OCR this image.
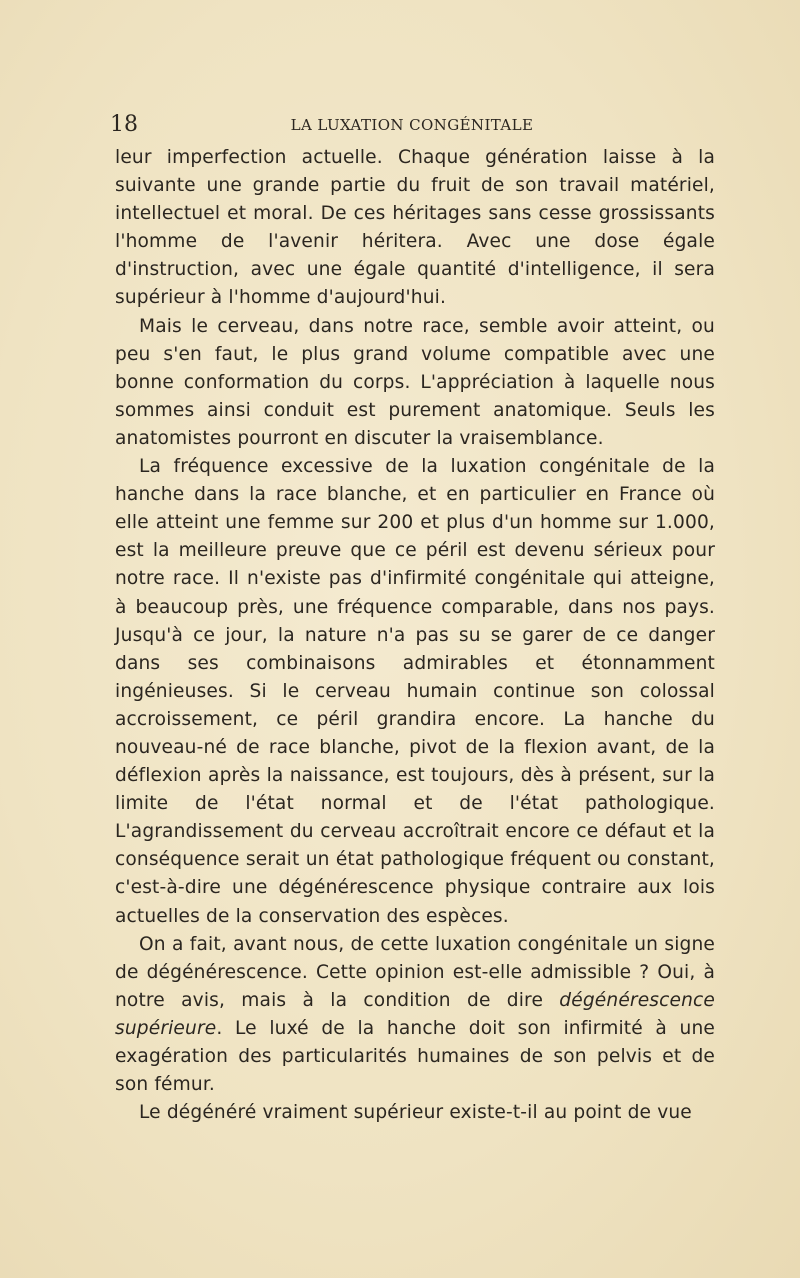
18	LA LUXATION CONGÉNITALE

leur imperfection actuelle. Chaque génération laisse à la suivante une grande partie du fruit de son travail matériel, intellectuel et moral. De ces héritages sans cesse grossissants l'homme de l'avenir héritera. Avec une dose égale d'instruction, avec une égale quantité d'intelligence, il sera supérieur à l'homme d'aujourd'hui.

Mais le cerveau, dans notre race, semble avoir atteint, ou peu s'en faut, le plus grand volume compatible avec une bonne conformation du corps. L'appréciation à laquelle nous sommes ainsi conduit est purement anatomique. Seuls les anatomistes pourront en discuter la vraisemblance.

La fréquence excessive de la luxation congénitale de la hanche dans la race blanche, et en particulier en France où elle atteint une femme sur 200 et plus d'un homme sur 1.000, est la meilleure preuve que ce péril est devenu sérieux pour notre race. Il n'existe pas d'infirmité congénitale qui atteigne, à beaucoup près, une fréquence comparable, dans nos pays. Jusqu'à ce jour, la nature n'a pas su se garer de ce danger dans ses combinaisons admirables et étonnamment ingénieuses. Si le cerveau humain continue son colossal accroissement, ce péril grandira encore. La hanche du nouveau-né de race blanche, pivot de la flexion avant, de la déflexion après la naissance, est toujours, dès à présent, sur la limite de l'état normal et de l'état pathologique. L'agrandissement du cerveau accroîtrait encore ce défaut et la conséquence serait un état pathologique fréquent ou constant, c'est-à-dire une dégénérescence physique contraire aux lois actuelles de la conservation des espèces.

On a fait, avant nous, de cette luxation congénitale un signe de dégénérescence. Cette opinion est-elle admissible ? Oui, à notre avis, mais à la condition de dire dégénérescence supérieure. Le luxé de la hanche doit son infirmité à une exagération des particularités humaines de son pelvis et de son fémur.

Le dégénéré vraiment supérieur existe-t-il au point de vue
